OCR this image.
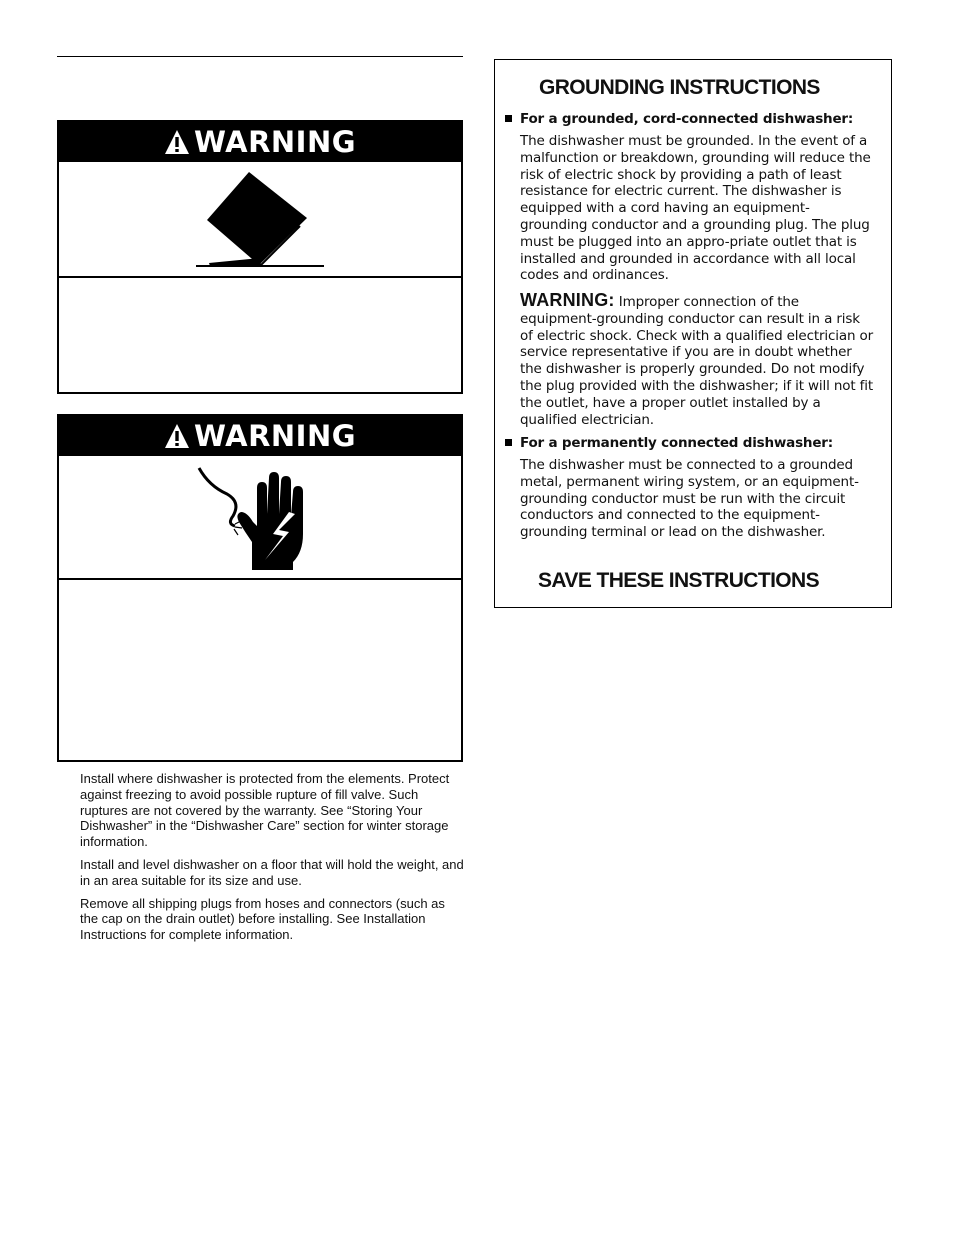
WARNING
WARNING

Install where dishwasher is protected from the elements. Protect against freezing to avoid possible rupture of fill valve. Such ruptures are not covered by the warranty. See “Storing Your Dishwasher” in the “Dishwasher Care” section for winter storage information.

Install and level dishwasher on a floor that will hold the weight, and in an area suitable for its size and use.

Remove all shipping plugs from hoses and connectors (such as the cap on the drain outlet) before installing. See Installation Instructions for complete information.

GROUNDING INSTRUCTIONS
For a grounded, cord-connected dishwasher:

The dishwasher must be grounded. In the event of a malfunction or breakdown, grounding will reduce the risk of electric shock by providing a path of least resistance for electric current. The dishwasher is equipped with a cord having an equipment-grounding conductor and a grounding plug. The plug must be plugged into an appro-priate outlet that is installed and grounded in accordance with all local codes and ordinances.

WARNING: Improper connection of the equipment-grounding conductor can result in a risk of electric shock. Check with a qualified electrician or service representative if you are in doubt whether the dishwasher is properly grounded. Do not modify the plug provided with the dishwasher; if it will not fit the outlet, have a proper outlet installed by a qualified electrician.

For a permanently connected dishwasher:

The dishwasher must be connected to a grounded metal, permanent wiring system, or an equipment-grounding conductor must be run with the circuit conductors and connected to the equipment-grounding terminal or lead on the dishwasher.

SAVE THESE INSTRUCTIONS
